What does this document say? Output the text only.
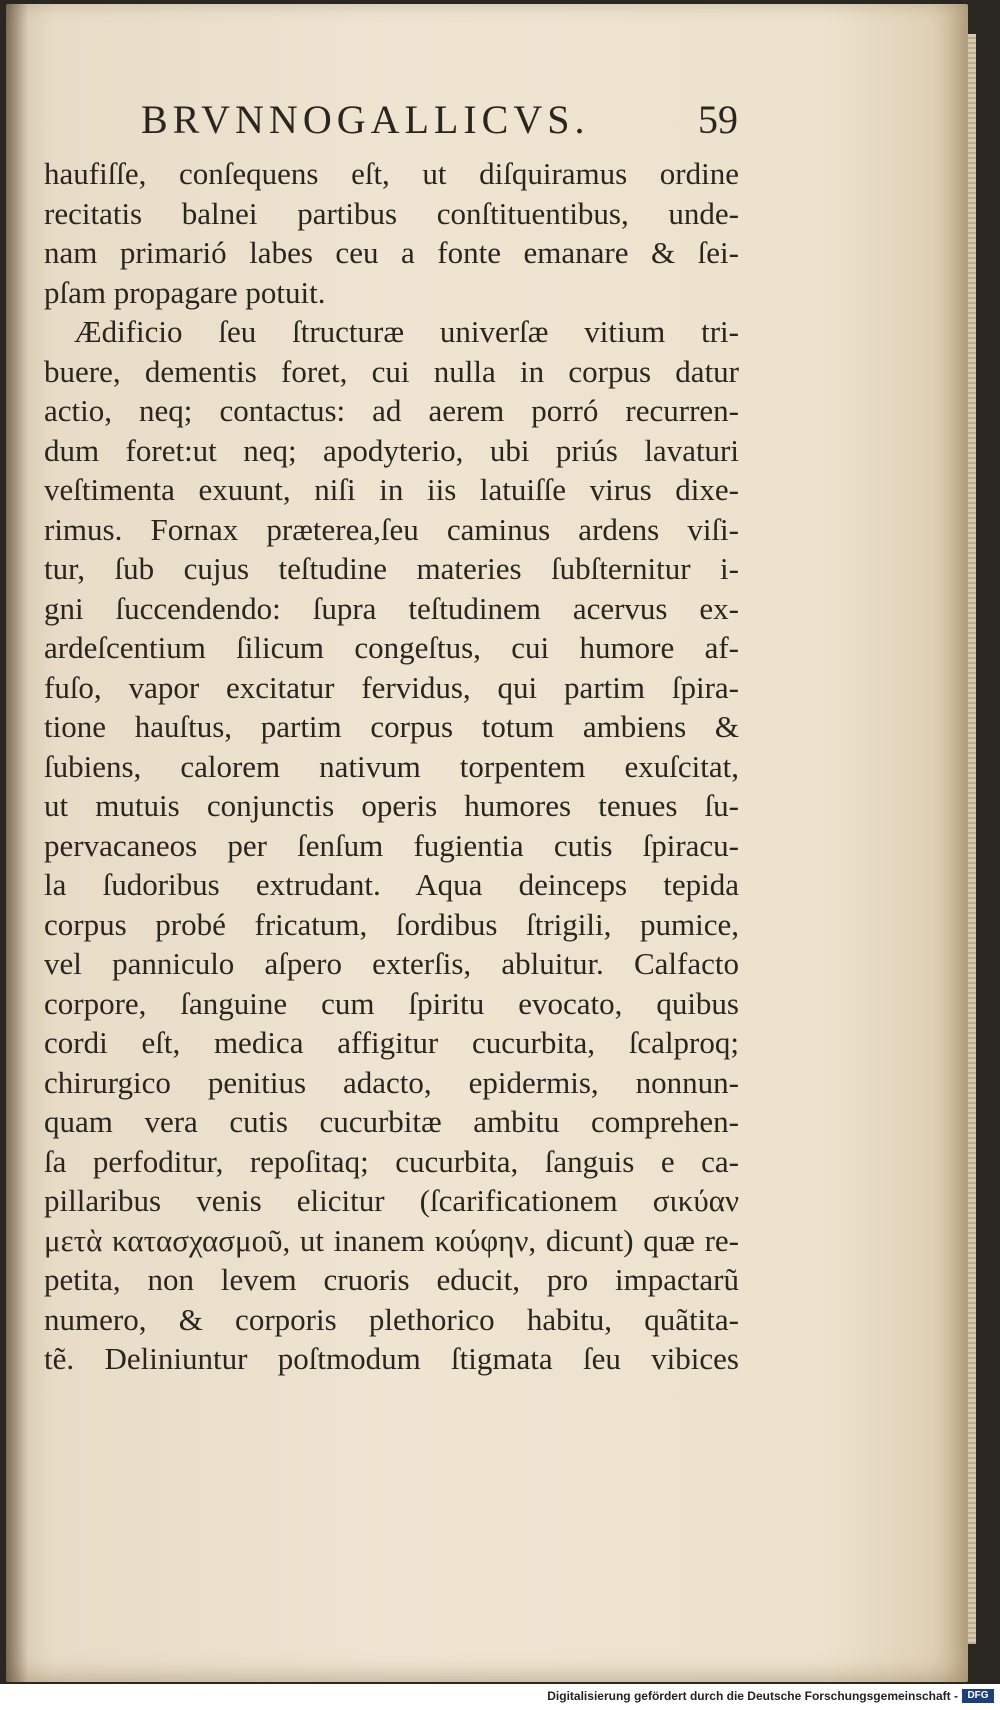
BRVNNOGALLICVS.	59
haufiſſe, conſequens eſt, ut diſquiramus ordine
recitatis balnei partibus conſtituentibus, unde-
nam primarió labes ceu a fonte emanare & ſei-
pſam propagare potuit.
Ædificio ſeu ſtructuræ univerſæ vitium tri-
buere, dementis foret, cui nulla in corpus datur
actio, neq; contactus: ad aerem porró recurren-
dum foret:ut neq; apodyterio, ubi priús lavaturi
veſtimenta exuunt, niſi in iis latuiſſe virus dixe-
rimus. Fornax præterea,ſeu caminus ardens viſi-
tur, ſub cujus teſtudine materies ſubſternitur i-
gni ſuccendendo: ſupra teſtudinem acervus ex-
ardeſcentium ſilicum congeſtus, cui humore af-
fuſo, vapor excitatur fervidus, qui partim ſpira-
tione hauſtus, partim corpus totum ambiens &
ſubiens, calorem nativum torpentem exuſcitat,
ut mutuis conjunctis operis humores tenues ſu-
pervacaneos per ſenſum fugientia cutis ſpiracu-
la ſudoribus extrudant. Aqua deinceps tepida
corpus probé fricatum, ſordibus ſtrigili, pumice,
vel panniculo aſpero exterſis, abluitur. Calfacto
corpore, ſanguine cum ſpiritu evocato, quibus
cordi eſt, medica affigitur cucurbita, ſcalproq;
chirurgico penitius adacto, epidermis, nonnun-
quam vera cutis cucurbitæ ambitu comprehen-
ſa perfoditur, repoſitaq; cucurbita, ſanguis e ca-
pillaribus venis elicitur (ſcarificationem σικύαν
μετὰ κατασχασμοῦ, ut inanem κούφην, dicunt) quæ re-
petita, non levem cruoris educit, pro impactarũ
numero, & corporis plethorico habitu, quãtita-
tẽ. Deliniuntur poſtmodum ſtigmata ſeu vibices
Digitalisierung gefördert durch die Deutsche Forschungsgemeinschaft - DFG
